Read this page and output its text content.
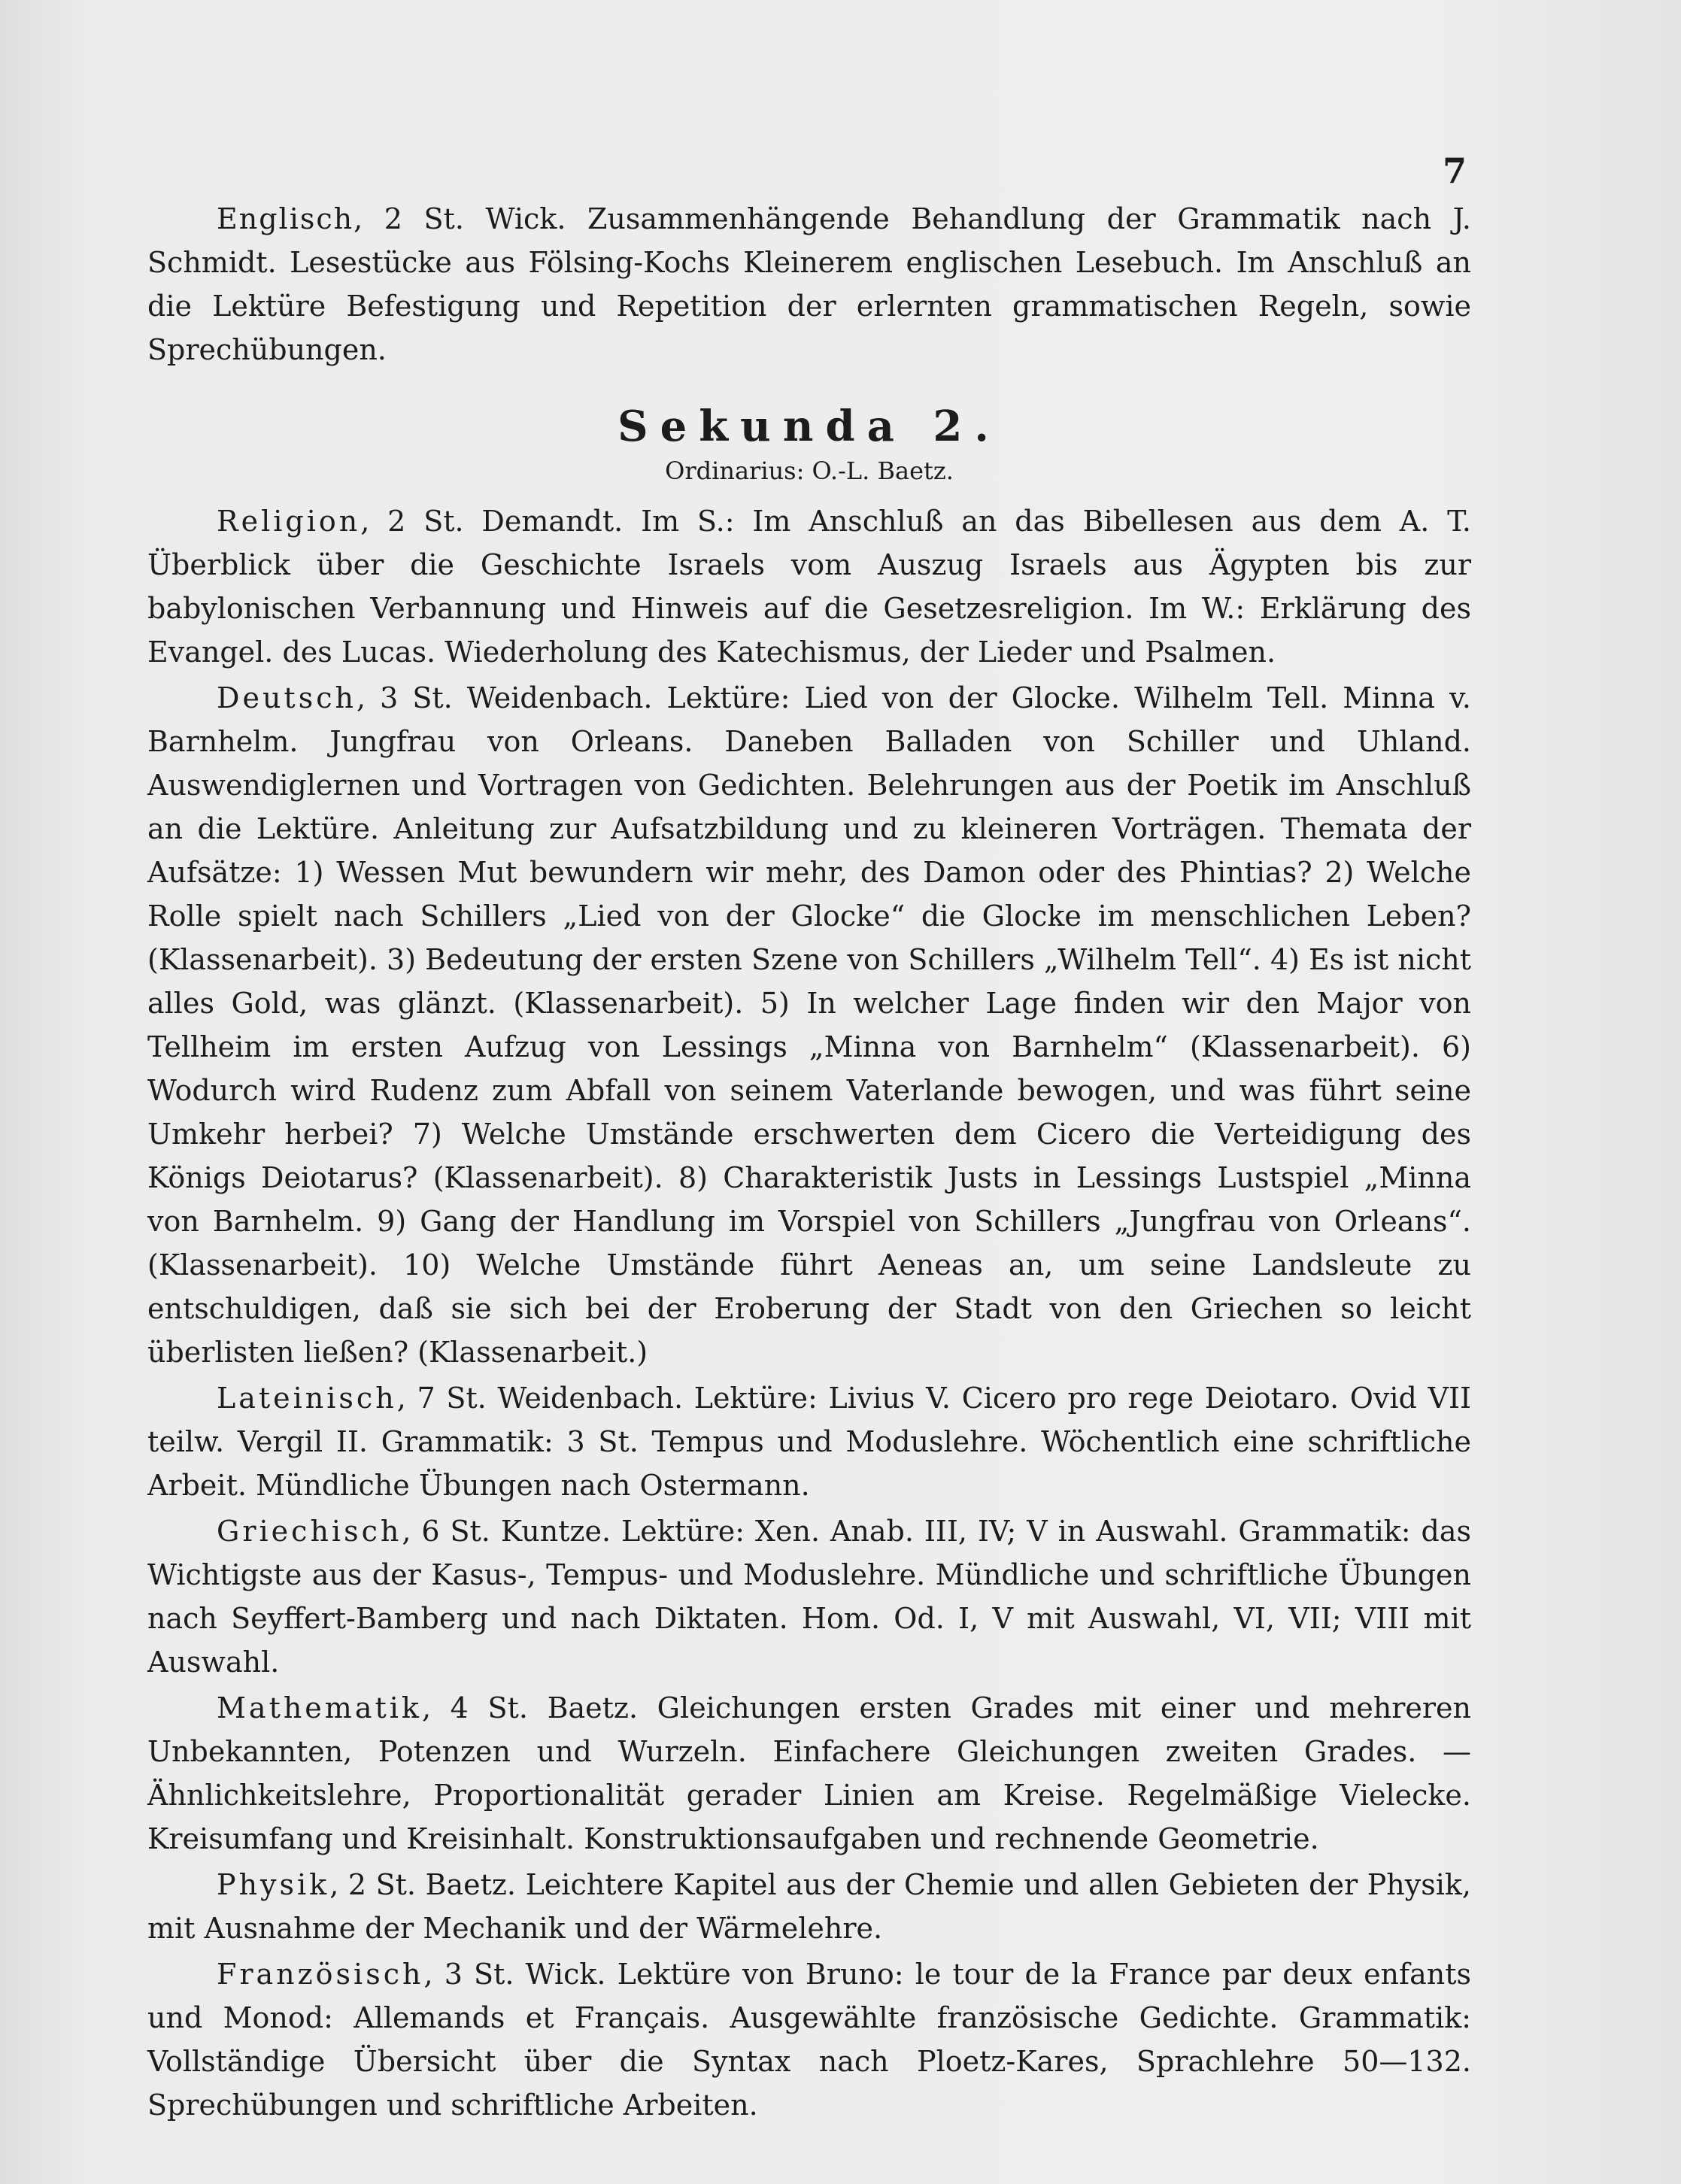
7

Englisch, 2 St. Wick. Zusammenhängende Behandlung der Grammatik nach J. Schmidt. Lesestücke aus Fölsing-Kochs Kleinerem englischen Lesebuch. Im Anschluß an die Lektüre Befestigung und Repetition der erlernten grammatischen Regeln, sowie Sprechübungen.

Sekunda 2.
Ordinarius: O.-L. Baetz.

Religion, 2 St. Demandt. Im S.: Im Anschluß an das Bibellesen aus dem A. T. Überblick über die Geschichte Israels vom Auszug Israels aus Ägypten bis zur babylonischen Verbannung und Hinweis auf die Gesetzesreligion. Im W.: Erklärung des Evangel. des Lucas. Wiederholung des Katechismus, der Lieder und Psalmen.

Deutsch, 3 St. Weidenbach. Lektüre: Lied von der Glocke. Wilhelm Tell. Minna v. Barnhelm. Jungfrau von Orleans. Daneben Balladen von Schiller und Uhland. Auswendiglernen und Vortragen von Gedichten. Belehrungen aus der Poetik im Anschluß an die Lektüre. Anleitung zur Aufsatzbildung und zu kleineren Vorträgen. Themata der Aufsätze: 1) Wessen Mut bewundern wir mehr, des Damon oder des Phintias? 2) Welche Rolle spielt nach Schillers „Lied von der Glocke“ die Glocke im menschlichen Leben? (Klassenarbeit). 3) Bedeutung der ersten Szene von Schillers „Wilhelm Tell“. 4) Es ist nicht alles Gold, was glänzt. (Klassenarbeit). 5) In welcher Lage finden wir den Major von Tellheim im ersten Aufzug von Lessings „Minna von Barnhelm“ (Klassenarbeit). 6) Wodurch wird Rudenz zum Abfall von seinem Vaterlande bewogen, und was führt seine Umkehr herbei? 7) Welche Umstände erschwerten dem Cicero die Verteidigung des Königs Deiotarus? (Klassenarbeit). 8) Charakteristik Justs in Lessings Lustspiel „Minna von Barnhelm. 9) Gang der Handlung im Vorspiel von Schillers „Jungfrau von Orleans“. (Klassenarbeit). 10) Welche Umstände führt Aeneas an, um seine Landsleute zu entschuldigen, daß sie sich bei der Eroberung der Stadt von den Griechen so leicht überlisten ließen? (Klassenarbeit.)

Lateinisch, 7 St. Weidenbach. Lektüre: Livius V. Cicero pro rege Deiotaro. Ovid VII teilw. Vergil II. Grammatik: 3 St. Tempus und Moduslehre. Wöchentlich eine schriftliche Arbeit. Mündliche Übungen nach Ostermann.

Griechisch, 6 St. Kuntze. Lektüre: Xen. Anab. III, IV; V in Auswahl. Grammatik: das Wichtigste aus der Kasus-, Tempus- und Moduslehre. Mündliche und schriftliche Übungen nach Seyffert-Bamberg und nach Diktaten. Hom. Od. I, V mit Auswahl, VI, VII; VIII mit Auswahl.

Mathematik, 4 St. Baetz. Gleichungen ersten Grades mit einer und mehreren Unbekannten, Potenzen und Wurzeln. Einfachere Gleichungen zweiten Grades. — Ähnlichkeitslehre, Proportionalität gerader Linien am Kreise. Regelmäßige Vielecke. Kreisumfang und Kreisinhalt. Konstruktionsaufgaben und rechnende Geometrie.

Physik, 2 St. Baetz. Leichtere Kapitel aus der Chemie und allen Gebieten der Physik, mit Ausnahme der Mechanik und der Wärmelehre.

Französisch, 3 St. Wick. Lektüre von Bruno: le tour de la France par deux enfants und Monod: Allemands et Français. Ausgewählte französische Gedichte. Grammatik: Vollständige Übersicht über die Syntax nach Ploetz-Kares, Sprachlehre 50—132. Sprechübungen und schriftliche Arbeiten.
